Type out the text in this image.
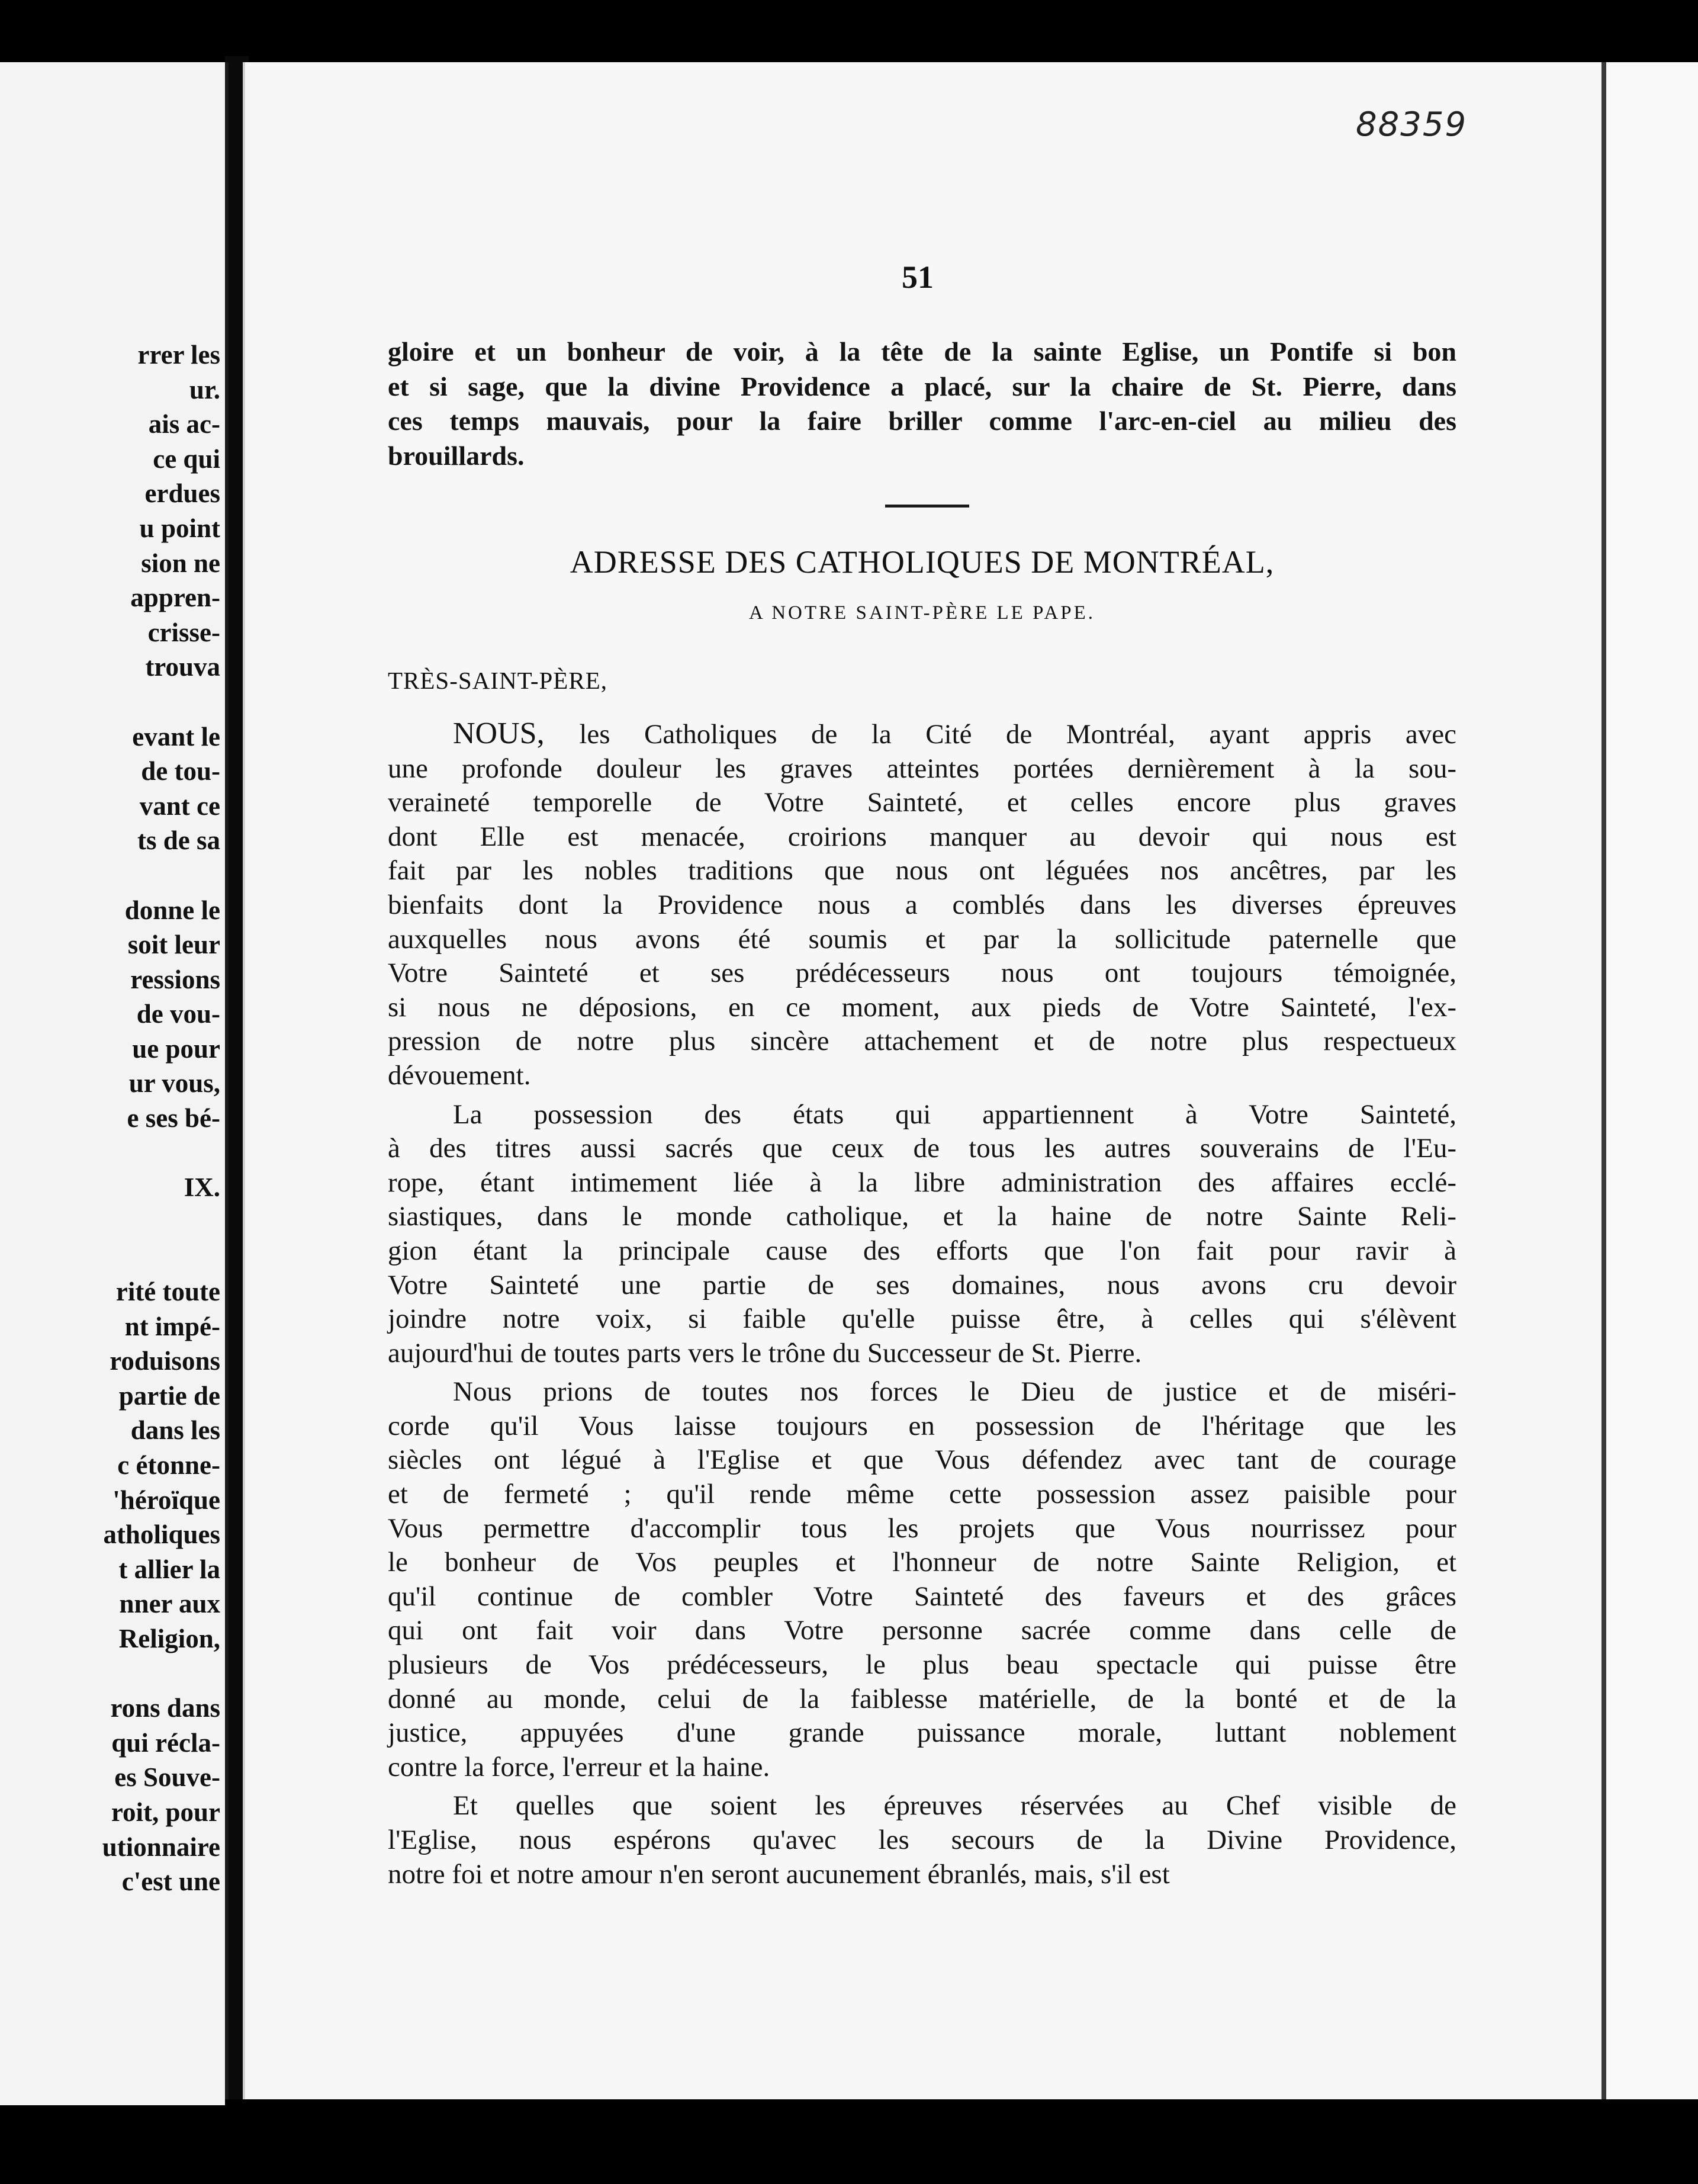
rrer les
ur.
ais ac-
ce qui
erdues
u point
sion ne
appren-
crisse-
trouva
evant le
de tou-
vant ce
ts de sa
donne le
soit leur
ressions
de vou-
ue pour
ur vous,
e ses bé-
IX.
rité toute
nt impé-
roduisons
partie de
dans les
c étonne-
'héroïque
atholiques
t allier la
nner aux
Religion,
rons dans
qui récla-
es Souve-
roit, pour
utionnaire
c'est une
88359
51
gloire et un bonheur de voir, à la tête de la sainte Eglise, un Pontife si bon
et si sage, que la divine Providence a placé, sur la chaire de St. Pierre, dans
ces temps mauvais, pour la faire briller comme l'arc-en-ciel au milieu des
brouillards.
ADRESSE DES CATHOLIQUES DE MONTRÉAL,
A NOTRE SAINT-PÈRE LE PAPE.
TRÈS-SAINT-PÈRE,
NOUS, les Catholiques de la Cité de Montréal, ayant appris avec
une profonde douleur les graves atteintes portées dernièrement à la sou-
veraineté temporelle de Votre Sainteté, et celles encore plus graves
dont Elle est menacée, croirions manquer au devoir qui nous est
fait par les nobles traditions que nous ont léguées nos ancêtres, par les
bienfaits dont la Providence nous a comblés dans les diverses épreuves
auxquelles nous avons été soumis et par la sollicitude paternelle que
Votre Sainteté et ses prédécesseurs nous ont toujours témoignée,
si nous ne déposions, en ce moment, aux pieds de Votre Sainteté, l'ex-
pression de notre plus sincère attachement et de notre plus respectueux
dévouement.
La possession des états qui appartiennent à Votre Sainteté,
à des titres aussi sacrés que ceux de tous les autres souverains de l'Eu-
rope, étant intimement liée à la libre administration des affaires ecclé-
siastiques, dans le monde catholique, et la haine de notre Sainte Reli-
gion étant la principale cause des efforts que l'on fait pour ravir à
Votre Sainteté une partie de ses domaines, nous avons cru devoir
joindre notre voix, si faible qu'elle puisse être, à celles qui s'élèvent
aujourd'hui de toutes parts vers le trône du Successeur de St. Pierre.
Nous prions de toutes nos forces le Dieu de justice et de miséri-
corde qu'il Vous laisse toujours en possession de l'héritage que les
siècles ont légué à l'Eglise et que Vous défendez avec tant de courage
et de fermeté ; qu'il rende même cette possession assez paisible pour
Vous permettre d'accomplir tous les projets que Vous nourrissez pour
le bonheur de Vos peuples et l'honneur de notre Sainte Religion, et
qu'il continue de combler Votre Sainteté des faveurs et des grâces
qui ont fait voir dans Votre personne sacrée comme dans celle de
plusieurs de Vos prédécesseurs, le plus beau spectacle qui puisse être
donné au monde, celui de la faiblesse matérielle, de la bonté et de la
justice, appuyées d'une grande puissance morale, luttant noblement
contre la force, l'erreur et la haine.
Et quelles que soient les épreuves réservées au Chef visible de
l'Eglise, nous espérons qu'avec les secours de la Divine Providence,
notre foi et notre amour n'en seront aucunement ébranlés, mais, s'il est
